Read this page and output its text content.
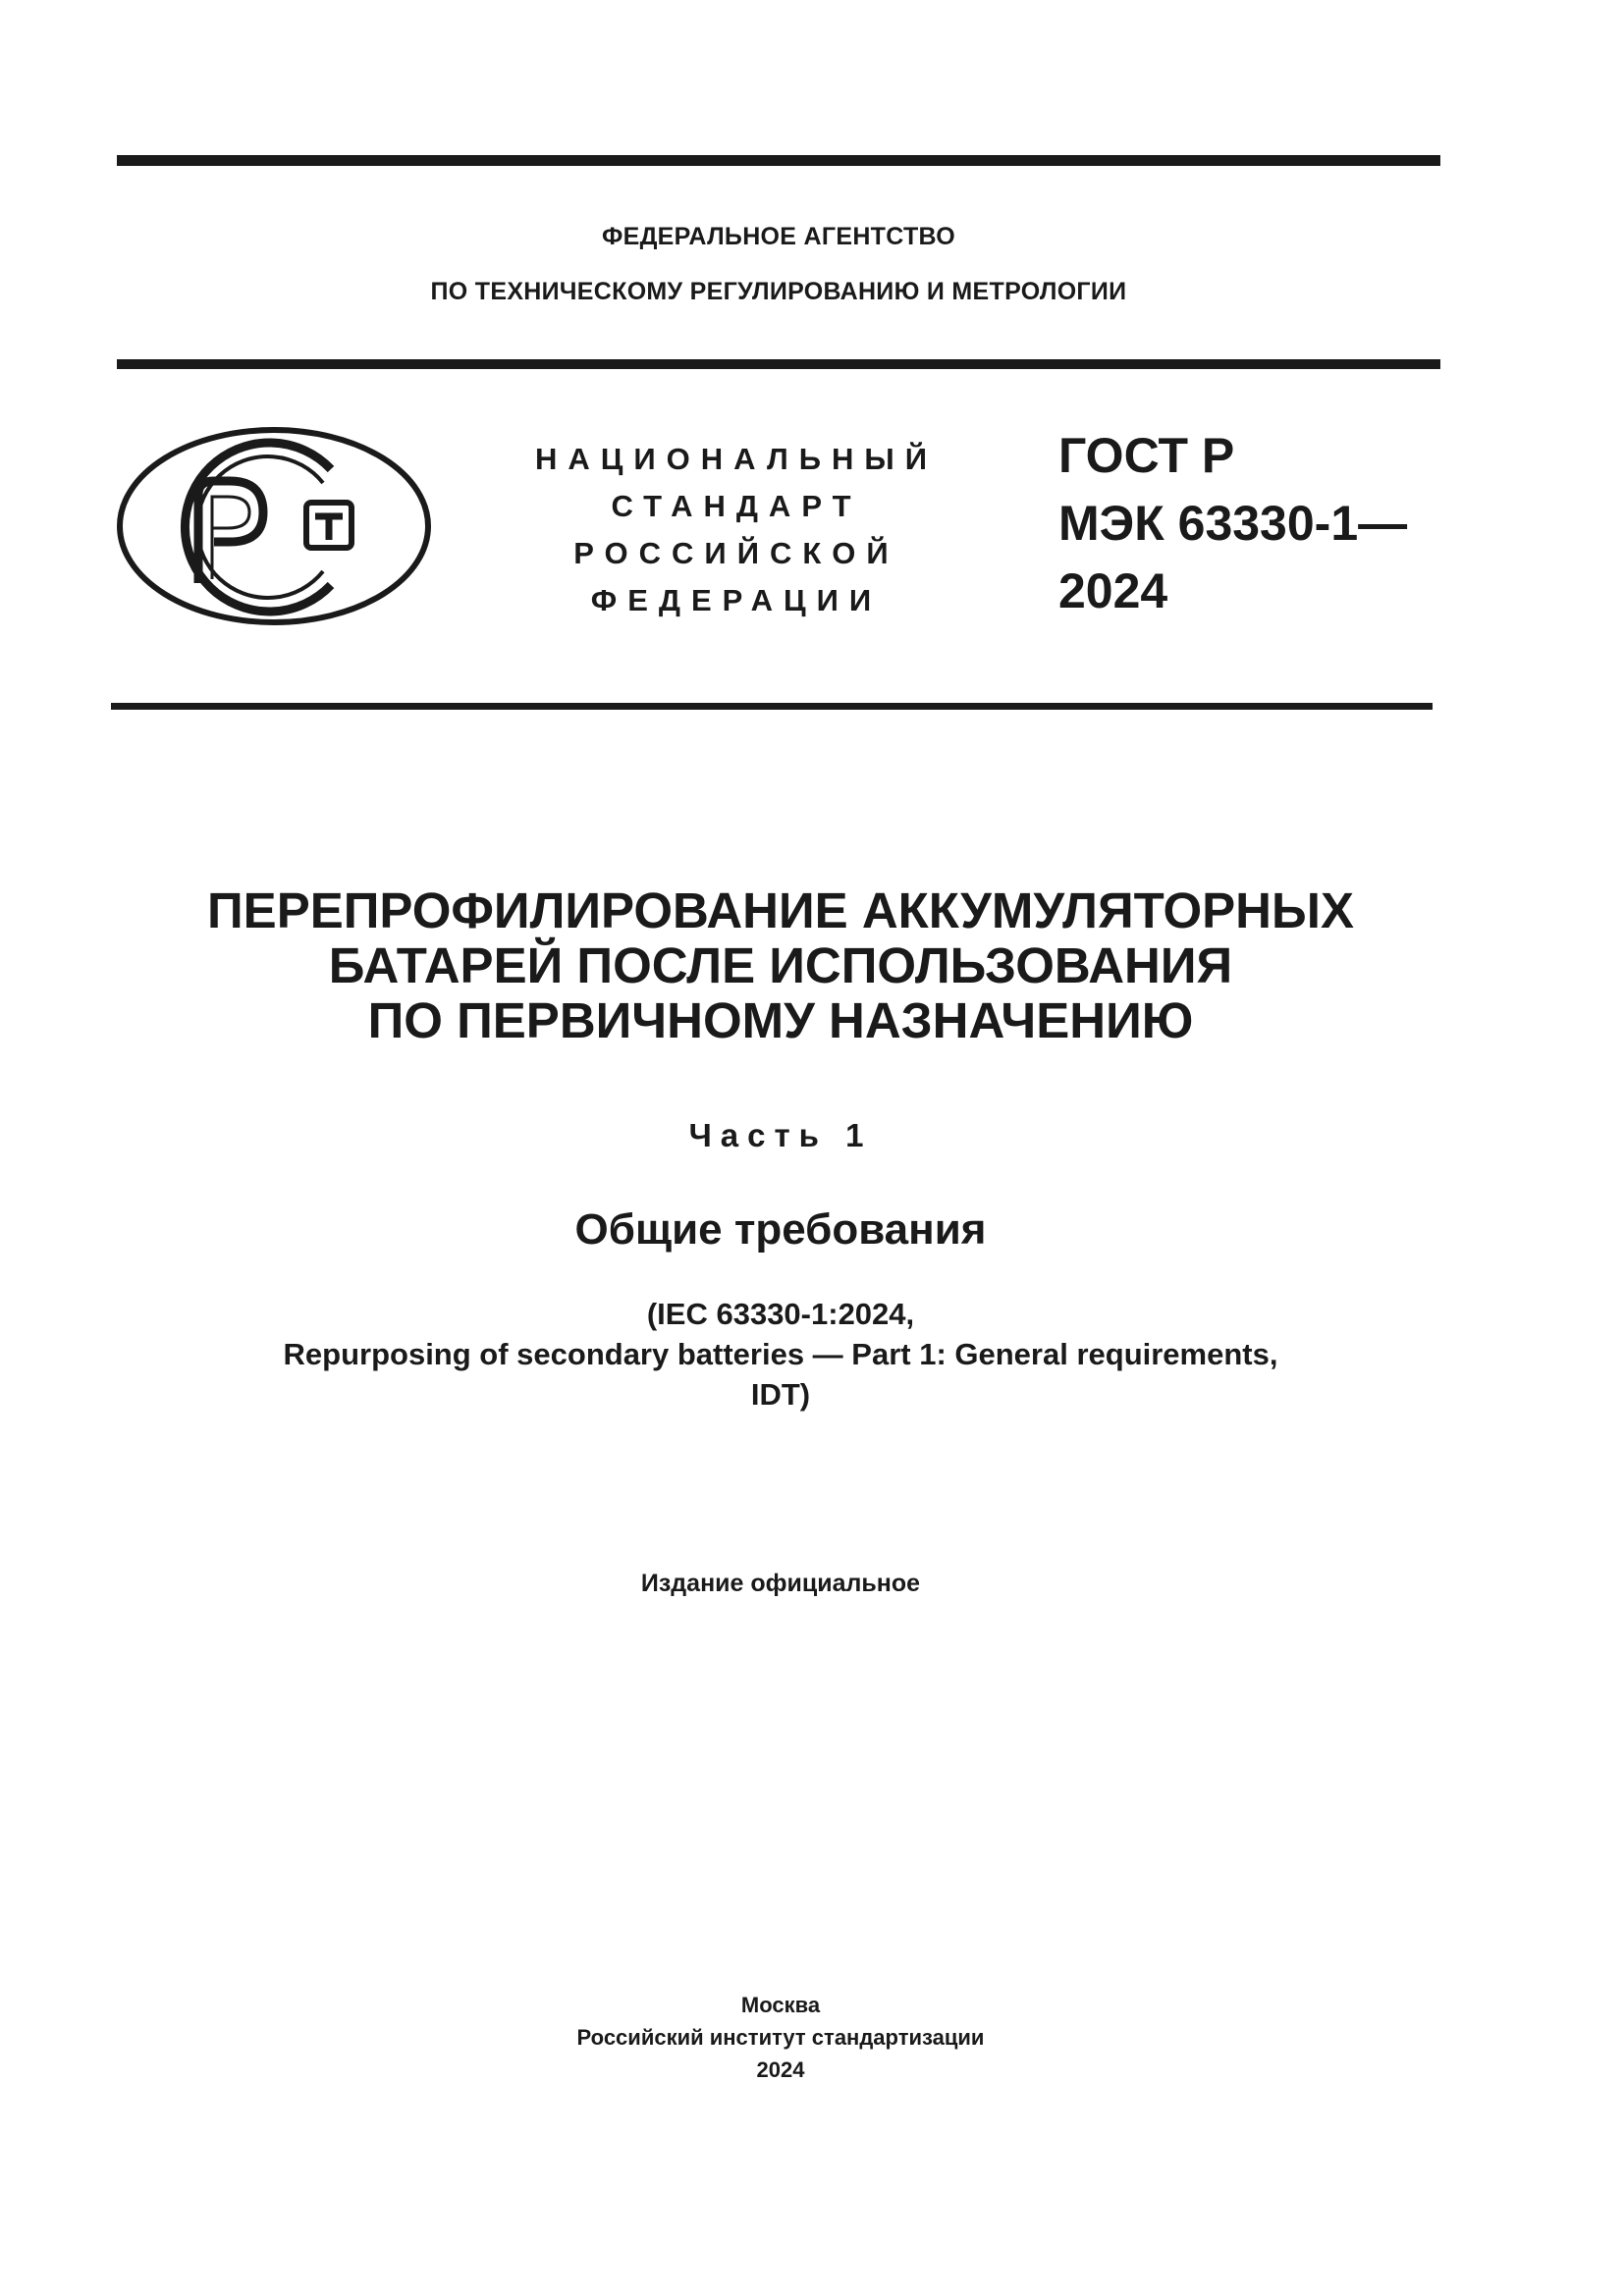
ФЕДЕРАЛЬНОЕ АГЕНТСТВО
ПО ТЕХНИЧЕСКОМУ РЕГУЛИРОВАНИЮ И МЕТРОЛОГИИ
НАЦИОНАЛЬНЫЙ
СТАНДАРТ
РОССИЙСКОЙ
ФЕДЕРАЦИИ
ГОСТ Р
МЭК 63330-1—
2024
ПЕРЕПРОФИЛИРОВАНИЕ АККУМУЛЯТОРНЫХ
БАТАРЕЙ ПОСЛЕ ИСПОЛЬЗОВАНИЯ
ПО ПЕРВИЧНОМУ НАЗНАЧЕНИЮ
Часть 1
Общие требования
(IEC 63330-1:2024,
Repurposing of secondary batteries — Part 1: General requirements,
IDT)
Издание официальное
Москва
Российский институт стандартизации
2024
